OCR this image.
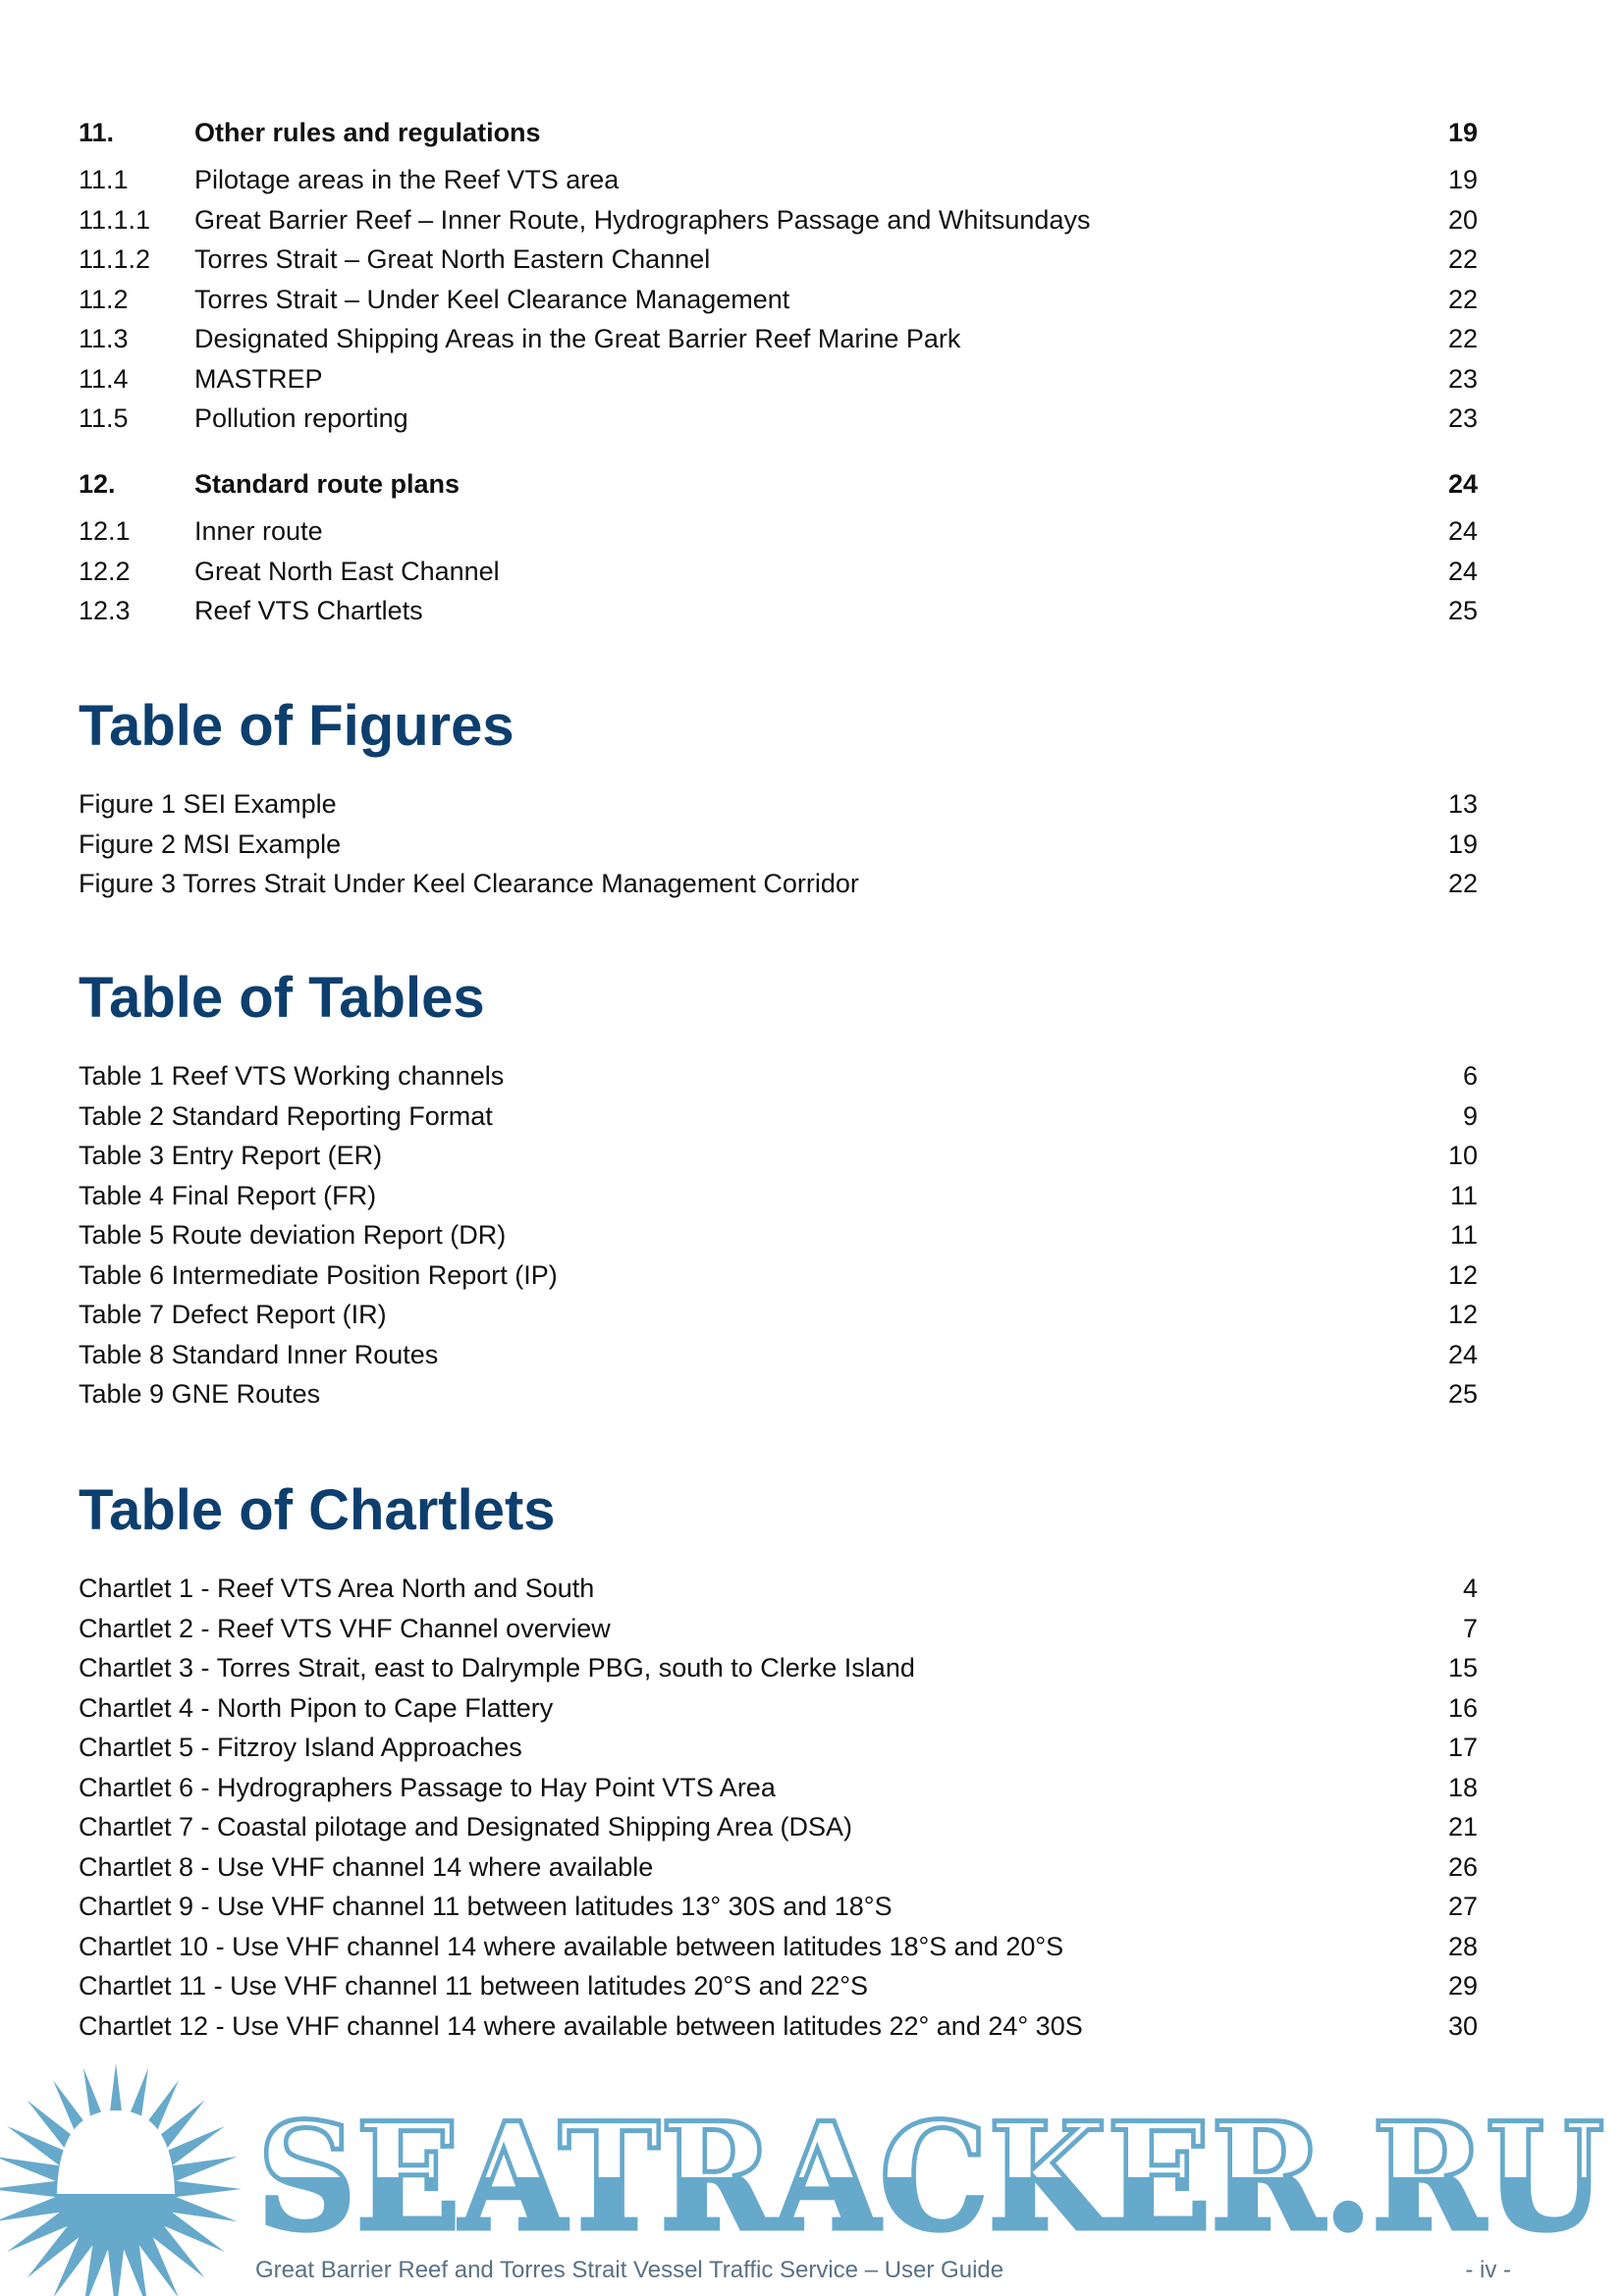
11.	Other rules and regulations	19
11.1 Pilotage areas in the Reef VTS area	19
11.1.1 Great Barrier Reef – Inner Route, Hydrographers Passage and Whitsundays	20
11.1.2 Torres Strait – Great North Eastern Channel	22
11.2 Torres Strait – Under Keel Clearance Management	22
11.3 Designated Shipping Areas in the Great Barrier Reef Marine Park	22
11.4 MASTREP	23
11.5 Pollution reporting	23
12.	Standard route plans	24
12.1 Inner route	24
12.2 Great North East Channel	24
12.3 Reef VTS Chartlets	25
Table of Figures
Figure 1 SEI Example	13
Figure 2 MSI Example	19
Figure 3 Torres Strait Under Keel Clearance Management Corridor	22
Table of Tables
Table 1 Reef VTS Working channels	6
Table 2 Standard Reporting Format	9
Table 3 Entry Report (ER)	10
Table 4 Final Report (FR)	11
Table 5 Route deviation Report (DR)	11
Table 6 Intermediate Position Report (IP)	12
Table 7 Defect Report (IR)	12
Table 8 Standard Inner Routes	24
Table 9 GNE Routes	25
Table of Chartlets
Chartlet 1 - Reef VTS Area North and South	4
Chartlet 2 - Reef VTS VHF Channel overview	7
Chartlet 3 - Torres Strait, east to Dalrymple PBG, south to Clerke Island	15
Chartlet 4 - North Pipon to Cape Flattery	16
Chartlet 5 - Fitzroy Island Approaches	17
Chartlet 6 - Hydrographers Passage to Hay Point VTS Area	18
Chartlet 7 - Coastal pilotage and Designated Shipping Area (DSA)	21
Chartlet 8 - Use VHF channel 14 where available	26
Chartlet 9 - Use VHF channel 11 between latitudes 13° 30S and 18°S	27
Chartlet 10 - Use VHF channel 14 where available between latitudes 18°S and 20°S	28
Chartlet 11 - Use VHF channel 11 between latitudes 20°S and 22°S	29
Chartlet 12 - Use VHF channel 14 where available between latitudes 22° and 24° 30S	30
SEATRACKER.RU
Great Barrier Reef and Torres Strait Vessel Traffic Service – User Guide	- iv -
